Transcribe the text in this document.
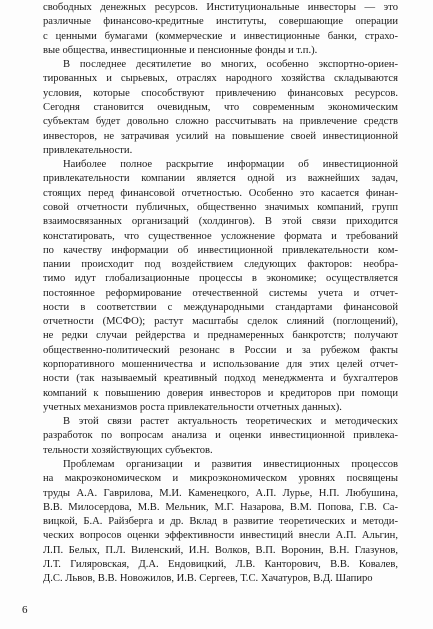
свободных денежных ресурсов. Институциональные инвесторы — это
различные финансово-кредитные институты, совершающие операции
с ценными бумагами (коммерческие и инвестиционные банки, страхо-
вые общества, инвестиционные и пенсионные фонды и т.п.).

В последнее десятилетие во многих, особенно экспортно-ориен-
тированных и сырьевых, отраслях народного хозяйства складываются
условия, которые способствуют привлечению финансовых ресурсов.
Сегодня становится очевидным, что современным экономическим
субъектам будет довольно сложно рассчитывать на привлечение средств
инвесторов, не затрачивая усилий на повышение своей инвестиционной
привлекательности.

Наиболее полное раскрытие информации об инвестиционной
привлекательности компании является одной из важнейших задач,
стоящих перед финансовой отчетностью. Особенно это касается финан-
совой отчетности публичных, общественно значимых компаний, групп
взаимосвязанных организаций (холдингов). В этой связи приходится
констатировать, что существенное усложнение формата и требований
по качеству информации об инвестиционной привлекательности ком-
пании происходит под воздействием следующих факторов: необра-
тимо идут глобализационные процессы в экономике; осуществляется
постоянное реформирование отечественной системы учета и отчет-
ности в соответствии с международными стандартами финансовой
отчетности (МСФО); растут масштабы сделок слияний (поглощений),
не редки случаи рейдерства и преднамеренных банкротств; получают
общественно-политический резонанс в России и за рубежом факты
корпоративного мошенничества и использование для этих целей отчет-
ности (так называемый креативный подход менеджмента и бухгалтеров
компаний к повышению доверия инвесторов и кредиторов при помощи
учетных механизмов роста привлекательности отчетных данных).

В этой связи растет актуальность теоретических и методических
разработок по вопросам анализа и оценки инвестиционной привлека-
тельности хозяйствующих субъектов.

Проблемам организации и развития инвестиционных процессов
на макроэкономическом и микроэкономическом уровнях посвящены
труды А.А. Гаврилова, М.И. Каменецкого, А.П. Лурье, Н.П. Любушина,
В.В. Милосердова, М.В. Мельник, М.Г. Назарова, В.М. Попова, Г.В. Са-
вицкой, Б.А. Райзберга и др. Вклад в развитие теоретических и методи-
ческих вопросов оценки эффективности инвестиций внесли А.П. Альгин,
Л.П. Белых, П.Л. Виленский, И.Н. Волков, В.П. Воронин, В.Н. Глазунов,
Л.Т. Гиляровская, Д.А. Ендовицкий, Л.В. Канторович, В.В. Ковалев,
Д.С. Львов, В.В. Новожилов, И.В. Сергеев, Т.С. Хачатуров, В.Д. Шапиро

6
